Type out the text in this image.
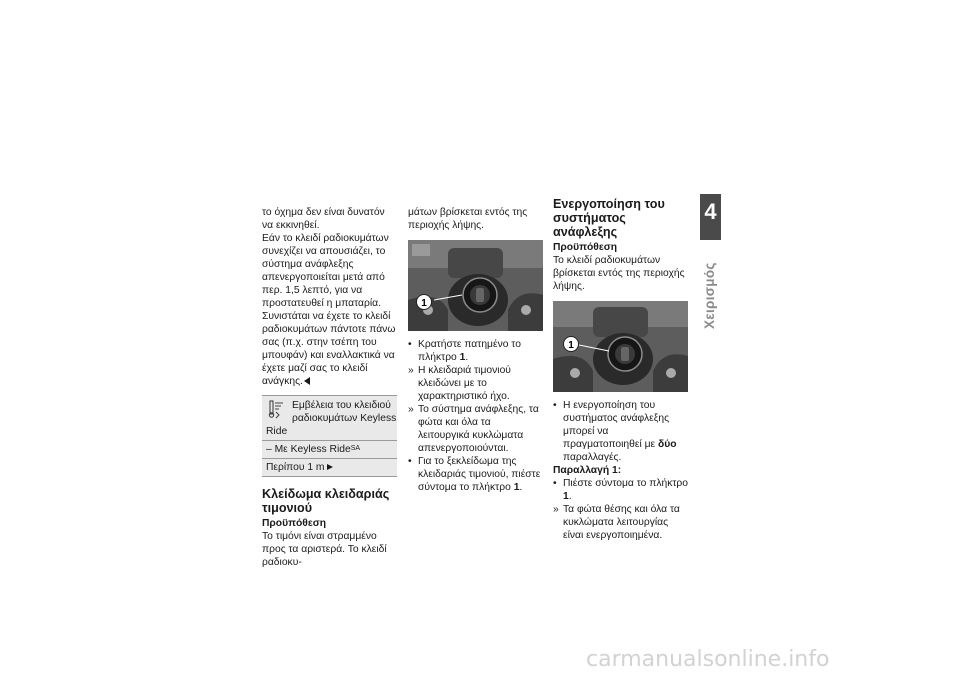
το όχημα δεν είναι δυνατόν να εκκινηθεί.

Εάν το κλειδί ραδιοκυμάτων συνεχίζει να απουσιάζει, το σύστημα ανάφλεξης απενεργοποιείται μετά από περ. 1,5 λεπτό, για να προστατευθεί η μπαταρία.

Συνιστάται να έχετε το κλειδί ραδιοκυμάτων πάντοτε πάνω σας (π.χ. στην τσέπη του μπουφάν) και εναλλακτικά να έχετε μαζί σας το κλειδί ανάγκης.

Εμβέλεια του κλειδιού
ραδιοκυμάτων Keyless
Ride
– Με Keyless Ride$^{SA}$
Περίπου 1 m

Κλείδωμα κλειδαριάς τιμονιού

Προϋπόθεση

Το τιμόνι είναι στραμμένο προς τα αριστερά. Το κλειδί ραδιοκυ-

μάτων βρίσκεται εντός της περιοχής λήψης.

1
• Κρατήστε πατημένο το πλήκτρο 1.
» Η κλειδαριά τιμονιού κλειδώνει με το χαρακτηριστικό ήχο.
» Το σύστημα ανάφλεξης, τα φώτα και όλα τα λειτουργικά κυκλώματα απενεργοποιούνται.
• Για το ξεκλείδωμα της κλειδαριάς τιμονιού, πιέστε σύντομα το πλήκτρο 1.

Ενεργοποίηση του συστήματος ανάφλεξης

Προϋπόθεση

Το κλειδί ραδιοκυμάτων βρίσκεται εντός της περιοχής λήψης.

1
• Η ενεργοποίηση του συστήματος ανάφλεξης μπορεί να πραγματοποιηθεί με δύο παραλλαγές.

Παραλλαγή 1:

• Πιέστε σύντομα το πλήκτρο 1.
» Τα φώτα θέσης και όλα τα κυκλώματα λειτουργίας είναι ενεργοποιημένα.
4
55
Χειρισμός
carmanualsonline.info
